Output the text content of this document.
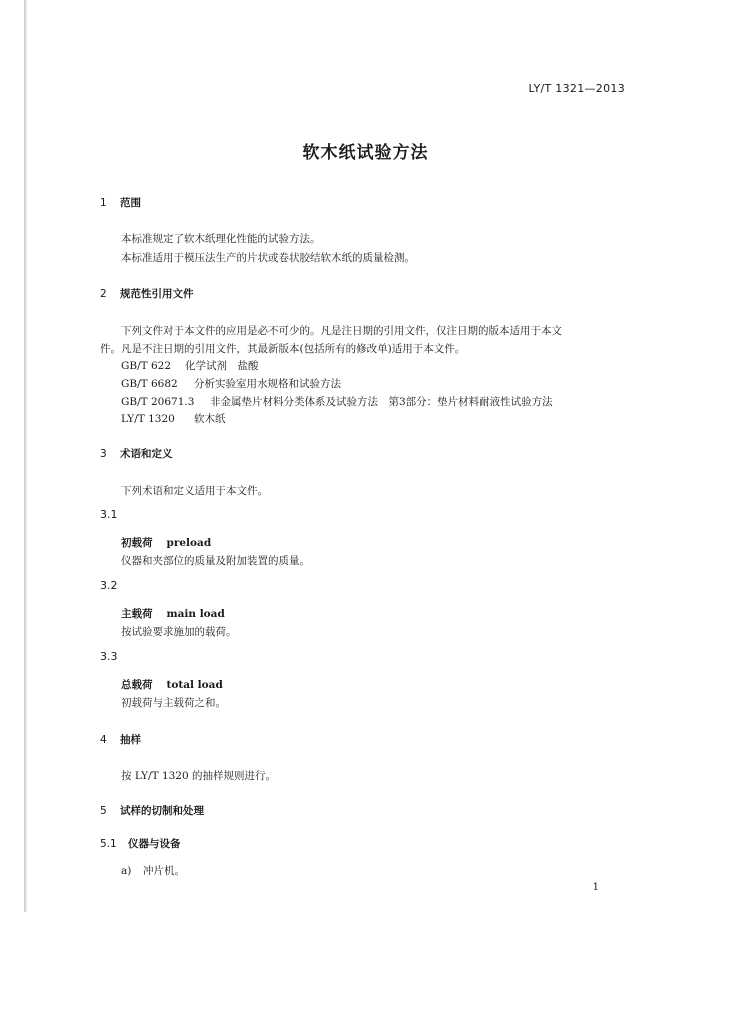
LY/T 1321—2013
软木纸试验方法
1 范围
本标准规定了软木纸理化性能的试验方法。
本标准适用于模压法生产的片状或卷状胶结软木纸的质量检测。
2 规范性引用文件
下列文件对于本文件的应用是必不可少的。凡是注日期的引用文件，仅注日期的版本适用于本文
件。凡是不注日期的引用文件，其最新版本(包括所有的修改单)适用于本文件。
GB/T 622 化学试剂　盐酸
GB/T 6682 分析实验室用水规格和试验方法
GB/T 20671.3 非金属垫片材料分类体系及试验方法　第3部分：垫片材料耐液性试验方法
LY/T 1320 软木纸
3 术语和定义
下列术语和定义适用于本文件。
3.1
初载荷 preload
仪器和夹部位的质量及附加装置的质量。
3.2
主载荷 main load
按试验要求施加的载荷。
3.3
总载荷 total load
初载荷与主载荷之和。
4 抽样
按 LY/T 1320 的抽样规则进行。
5 试样的切制和处理
5.1 仪器与设备
a) 冲片机。
1
